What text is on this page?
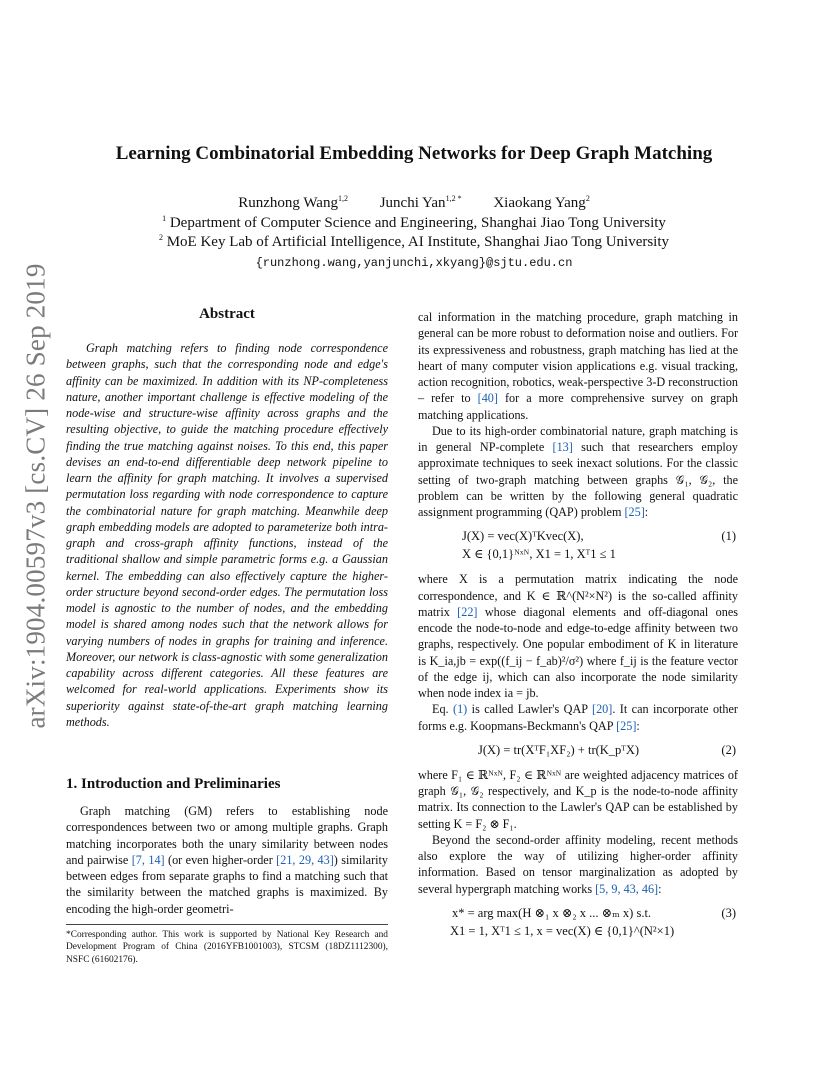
arXiv:1904.00597v3 [cs.CV] 26 Sep 2019
Learning Combinatorial Embedding Networks for Deep Graph Matching
Runzhong Wang$^{1,2}$ Junchi Yan$^{1,2 *}$ Xiaokang Yang$^2$
$^1$ Department of Computer Science and Engineering, Shanghai Jiao Tong University
$^2$ MoE Key Lab of Artificial Intelligence, AI Institute, Shanghai Jiao Tong University
{runzhong.wang,yanjunchi,xkyang}@sjtu.edu.cn
Abstract

Graph matching refers to finding node correspondence between graphs, such that the corresponding node and edge's affinity can be maximized. In addition with its NP-completeness nature, another important challenge is effective modeling of the node-wise and structure-wise affinity across graphs and the resulting objective, to guide the matching procedure effectively finding the true matching against noises. To this end, this paper devises an end-to-end differentiable deep network pipeline to learn the affinity for graph matching. It involves a supervised permutation loss regarding with node correspondence to capture the combinatorial nature for graph matching. Meanwhile deep graph embedding models are adopted to parameterize both intra-graph and cross-graph affinity functions, instead of the traditional shallow and simple parametric forms e.g. a Gaussian kernel. The embedding can also effectively capture the higher-order structure beyond second-order edges. The permutation loss model is agnostic to the number of nodes, and the embedding model is shared among nodes such that the network allows for varying numbers of nodes in graphs for training and inference. Moreover, our network is class-agnostic with some generalization capability across different categories. All these features are welcomed for real-world applications. Experiments show its superiority against state-of-the-art graph matching learning methods.

1. Introduction and Preliminaries

Graph matching (GM) refers to establishing node correspondences between two or among multiple graphs. Graph matching incorporates both the unary similarity between nodes and pairwise [7, 14] (or even higher-order [21, 29, 43]) similarity between edges from separate graphs to find a matching such that the similarity between the matched graphs is maximized. By encoding the high-order geometri-

*Corresponding author. This work is supported by National Key Research and Development Program of China (2016YFB1001003), STCSM (18DZ1112300), NSFC (61602176).

cal information in the matching procedure, graph matching in general can be more robust to deformation noise and outliers. For its expressiveness and robustness, graph matching has lied at the heart of many computer vision applications e.g. visual tracking, action recognition, robotics, weak-perspective 3-D reconstruction – refer to [40] for a more comprehensive survey on graph matching applications.

Due to its high-order combinatorial nature, graph matching is in general NP-complete [13] such that researchers employ approximate techniques to seek inexact solutions. For the classic setting of two-graph matching between graphs 𝒢₁, 𝒢₂, the problem can be written by the following general quadratic assignment programming (QAP) problem [25]:

J(X) = vec(X)ᵀKvec(X),
X ∈ {0,1}ᴺˣᴺ, X1 = 1, Xᵀ1 ≤ 1
(1)

where X is a permutation matrix indicating the node correspondence, and K ∈ ℝ^(N²×N²) is the so-called affinity matrix [22] whose diagonal elements and off-diagonal ones encode the node-to-node and edge-to-edge affinity between two graphs, respectively. One popular embodiment of K in literature is K_ia,jb = exp((f_ij − f_ab)²/σ²) where f_ij is the feature vector of the edge ij, which can also incorporate the node similarity when node index ia = jb.

Eq. (1) is called Lawler's QAP [20]. It can incorporate other forms e.g. Koopmans-Beckmann's QAP [25]:

J(X) = tr(XᵀF₁XF₂) + tr(K_pᵀX)	(2)

where F₁ ∈ ℝᴺˣᴺ, F₂ ∈ ℝᴺˣᴺ are weighted adjacency matrices of graph 𝒢₁, 𝒢₂ respectively, and K_p is the node-to-node affinity matrix. Its connection to the Lawler's QAP can be established by setting K = F₂ ⊗ F₁.

Beyond the second-order affinity modeling, recent methods also explore the way of utilizing higher-order affinity information. Based on tensor marginalization as adopted by several hypergraph matching works [5, 9, 43, 46]:

x* = arg max(H ⊗₁ x ⊗₂ x ... ⊗ₘ x) s.t.
X1 = 1, Xᵀ1 ≤ 1, x = vec(X) ∈ {0,1}^(N²×1)
(3)
